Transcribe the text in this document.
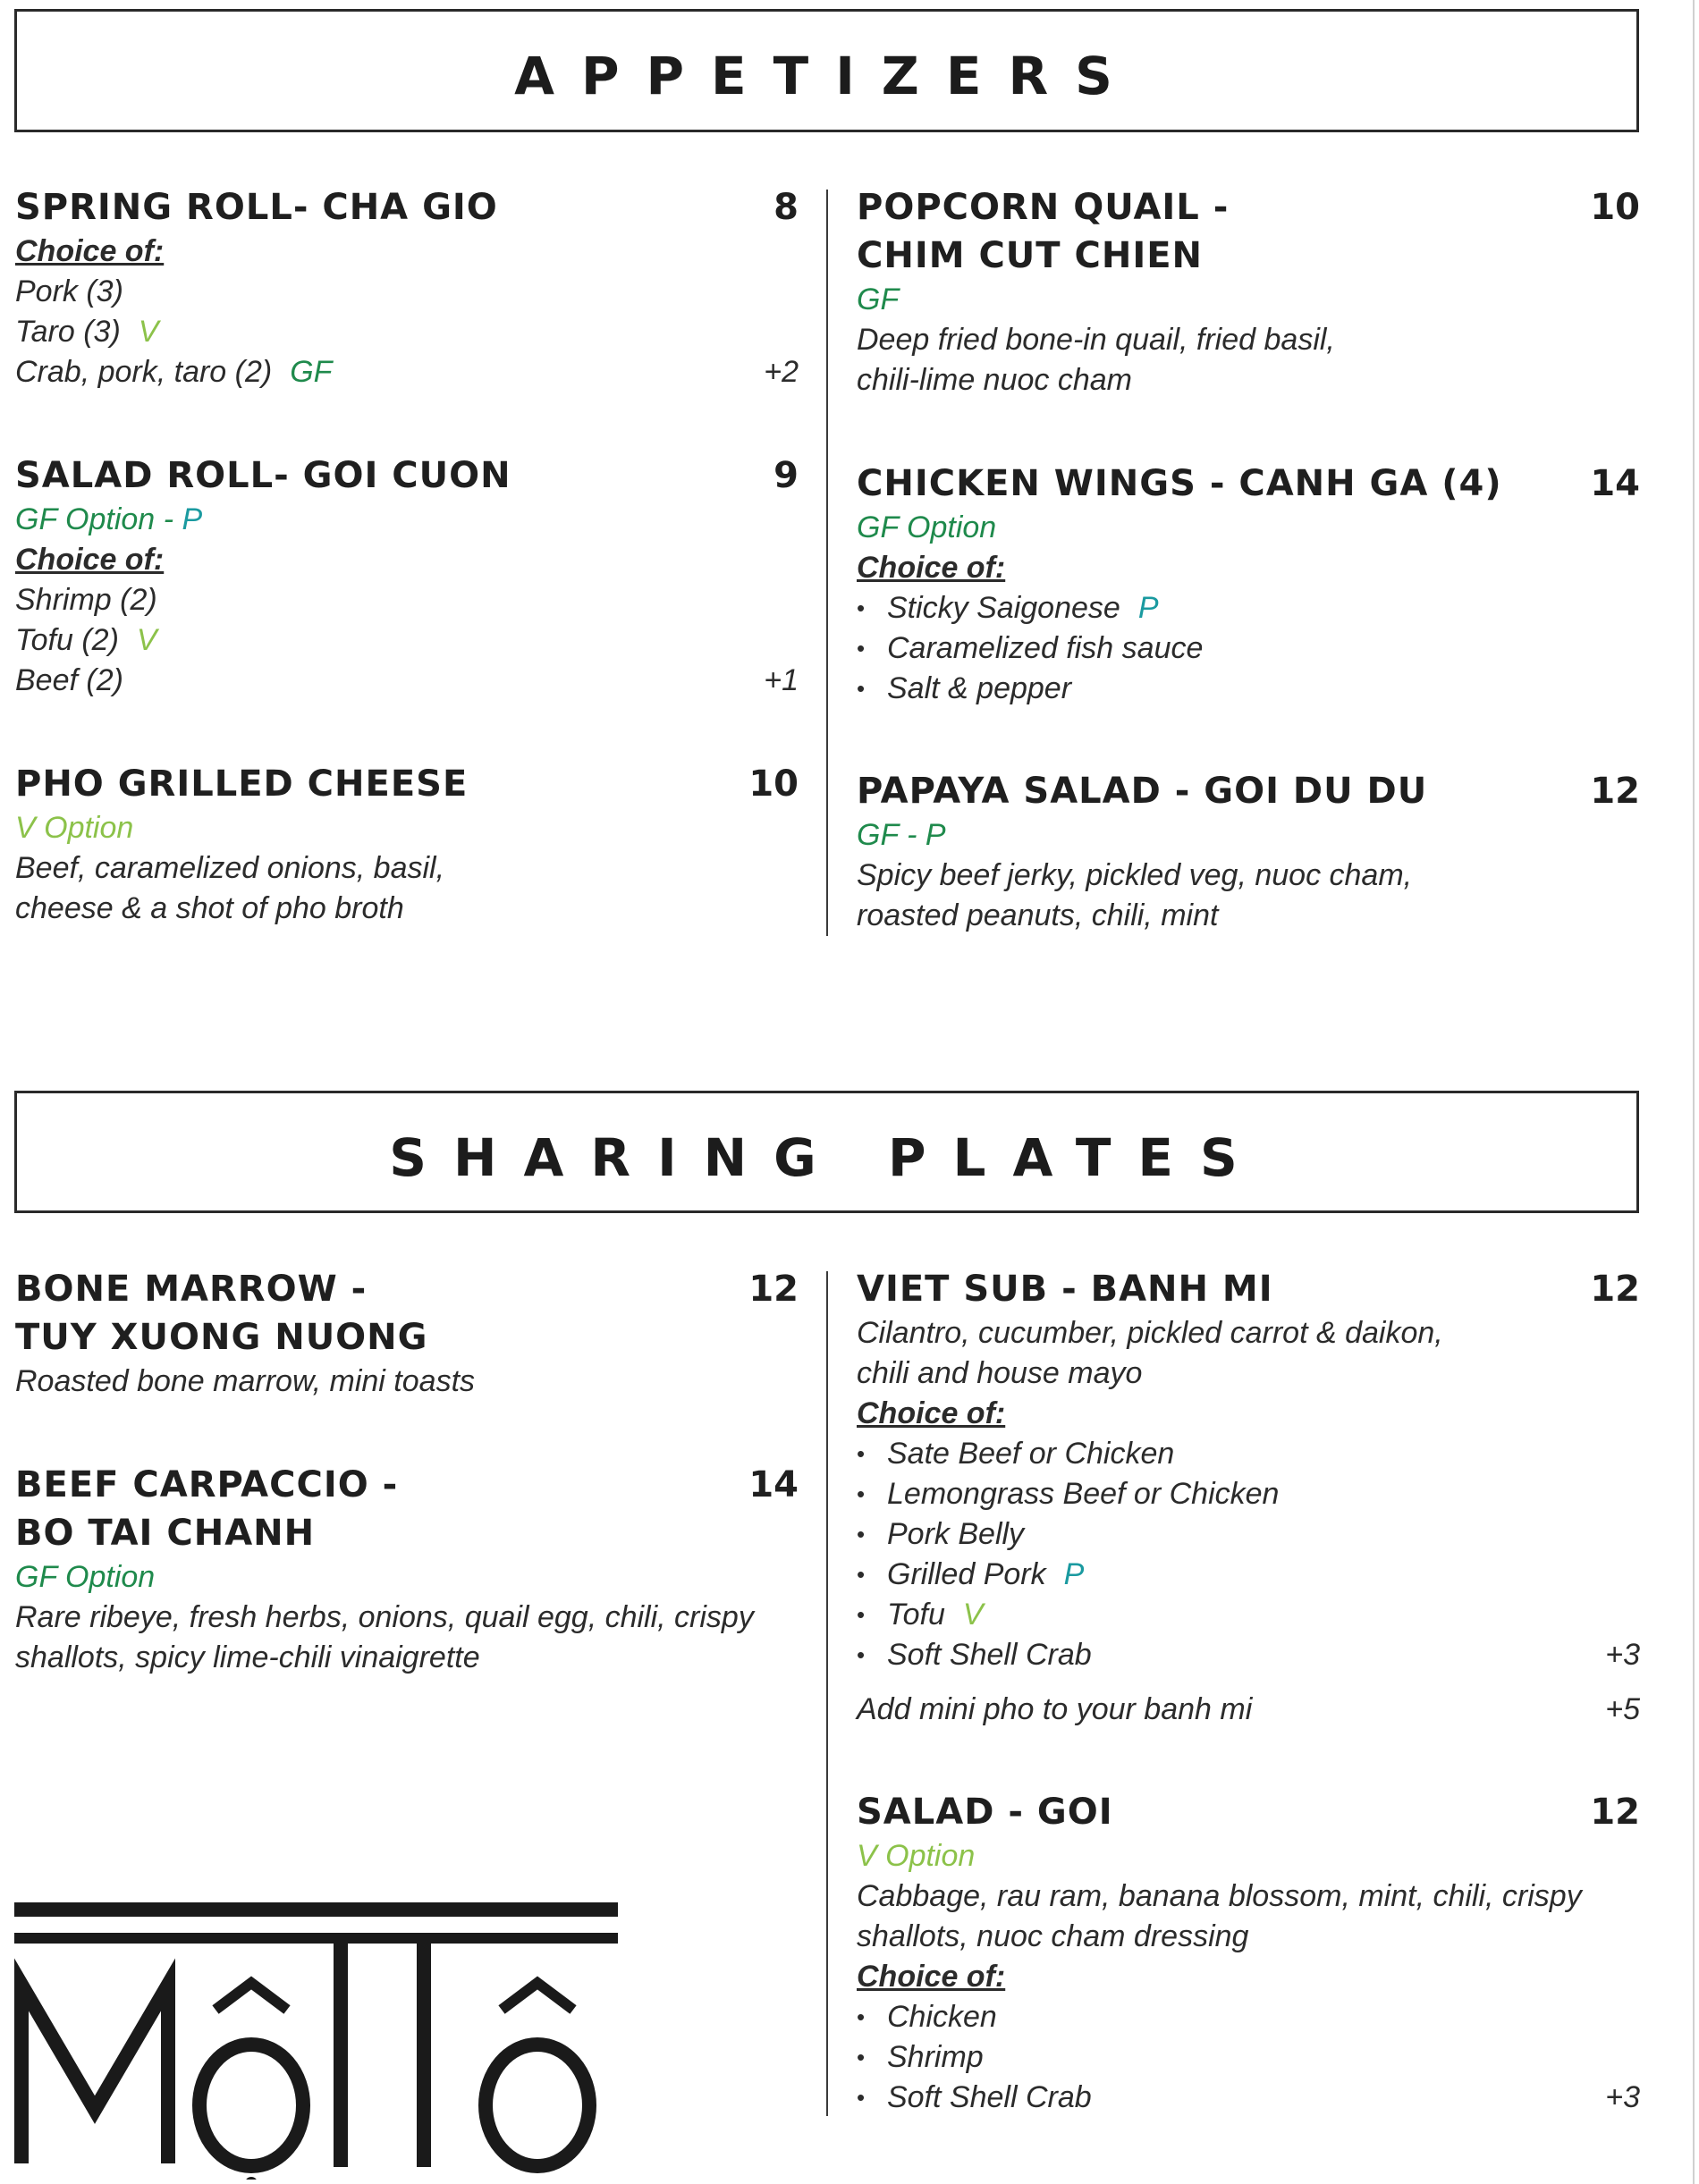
APPETIZERS
SPRING ROLL- CHA GIO	8
Choice of:
Pork (3)
Taro (3) V
Crab, pork, taro (2) GF	+2
SALAD ROLL- GOI CUON	9
GF Option - P
Choice of:
Shrimp (2)
Tofu (2) V
Beef (2)	+1
PHO GRILLED CHEESE	10
V Option
Beef, caramelized onions, basil,
cheese & a shot of pho broth
POPCORN QUAIL -	10
CHIM CUT CHIEN
GF
Deep fried bone-in quail, fried basil,
chili-lime nuoc cham
CHICKEN WINGS - CANH GA (4) 14
GF Option
Choice of:
• Sticky Saigonese P
• Caramelized fish sauce
• Salt & pepper
PAPAYA SALAD - GOI DU DU	12
GF - P
Spicy beef jerky, pickled veg, nuoc cham,
roasted peanuts, chili, mint
SHARING PLATES
BONE MARROW -	12
TUY XUONG NUONG
Roasted bone marrow, mini toasts
BEEF CARPACCIO -	14
BO TAI CHANH
GF Option
Rare ribeye, fresh herbs, onions, quail egg, chili, crispy
shallots, spicy lime-chili vinaigrette
VIET SUB - BANH MI	12
Cilantro, cucumber, pickled carrot & daikon,
chili and house mayo
Choice of:
• Sate Beef or Chicken
• Lemongrass Beef or Chicken
• Pork Belly
• Grilled Pork P
• Tofu V
• Soft Shell Crab	+3
Add mini pho to your banh mi	+5
SALAD - GOI	12
V Option
Cabbage, rau ram, banana blossom, mint, chili, crispy
shallots, nuoc cham dressing
Choice of:
• Chicken
• Shrimp
• Soft Shell Crab	+3
